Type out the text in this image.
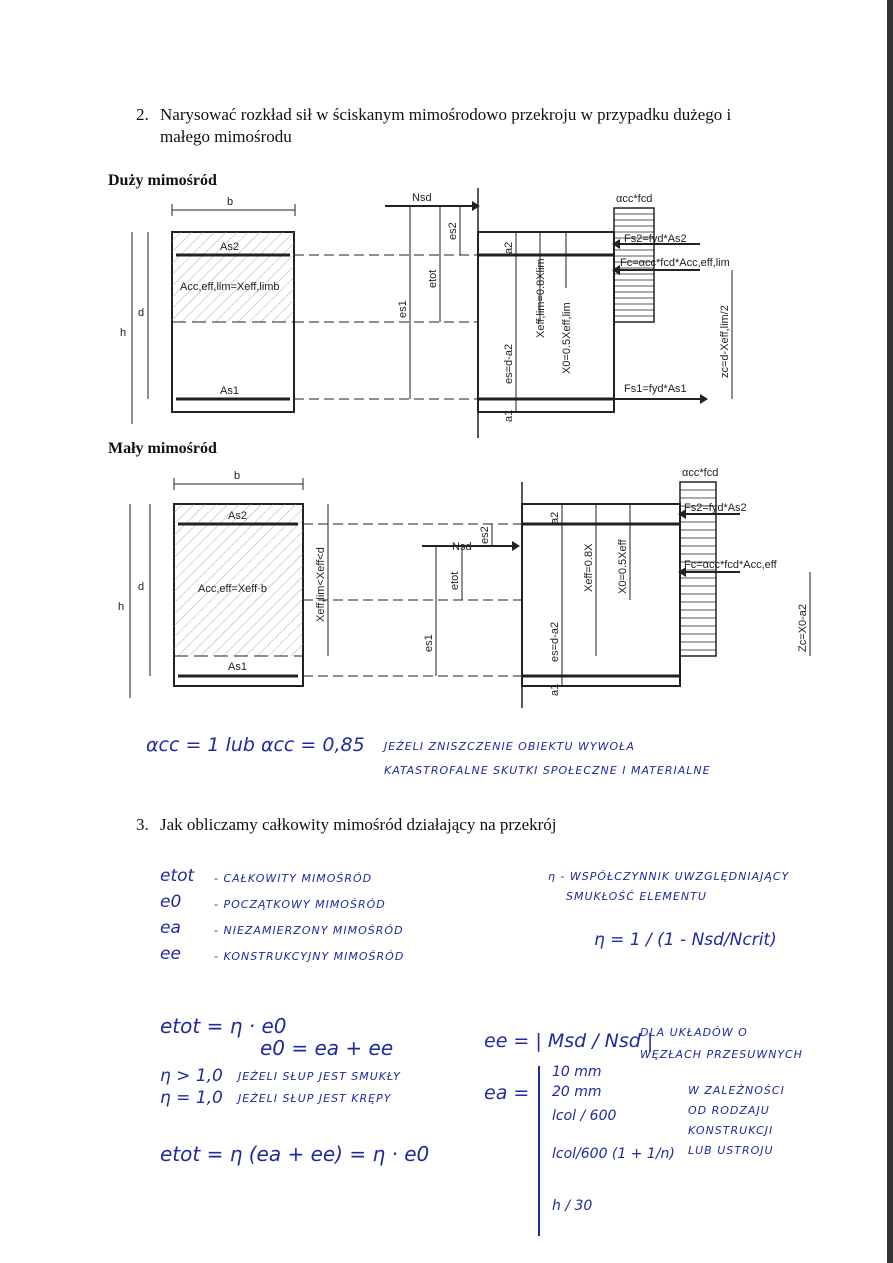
2. Narysować rozkład sił w ściskanym mimośrodowo przekroju w przypadku dużego i
małego mimośrodu
Duży mimośród
b
As2
Acc,eff,lim=Xeff,limb
As1
h
d
Nsd
es2
etot
es1
a2
es=d-a2
Xeff,lim=0.8Xlim
X0=0.5Xeff,lim
a1
αcc*fcd
Fs2=fyd*As2
Fc=αcc*fcd*Acc,eff,lim
Fs1=fyd*As1
zc=d-Xeff,lim/2
Mały mimośród
b
As2
Acc,eff=Xeff·b
As1
Xeff,lim<Xeff<d
h
d
Nsd
es2
etot
es1
a2
es=d-a2
Xeff=0.8X X0=0.5Xeff
a1
αcc*fcd
Fs2=fyd*As2
Fc=αcc*fcd*Acc,eff
Zc=X0-a2
αcc = 1 lub αcc = 0,85 JEŻELI ZNISZCZENIE OBIEKTU WYWOŁA
KATASTROFALNE SKUTKI SPOŁECZNE I MATERIALNE
3. Jak obliczamy całkowity mimośród działający na przekrój
etot - CAŁKOWITY MIMOŚRÓD
e0	- POCZĄTKOWY MIMOŚRÓD
ea	- NIEZAMIERZONY MIMOŚRÓD
ee	- KONSTRUKCYJNY MIMOŚRÓD
η - WSPÓŁCZYNNIK UWZGLĘDNIAJĄCY
SMUKŁOŚĆ ELEMENTU
η = 1 / (1 - Nsd/Ncrit)
etot = η · e0
e0 = ea + ee
η > 1,0 JEŻELI SŁUP JEST SMUKŁY
η = 1,0 JEŻELI SŁUP JEST KRĘPY
etot = η (ea + ee) = η · e0
ee = | Msd / Nsd |
DLA UKŁADÓW O
WĘZŁACH PRZESUWNYCH
ea =
10 mm
20 mm
lcol / 600
lcol/600 (1 + 1/n)
h / 30
W ZALEŻNOŚCI
OD RODZAJU
KONSTRUKCJI
LUB USTROJU
